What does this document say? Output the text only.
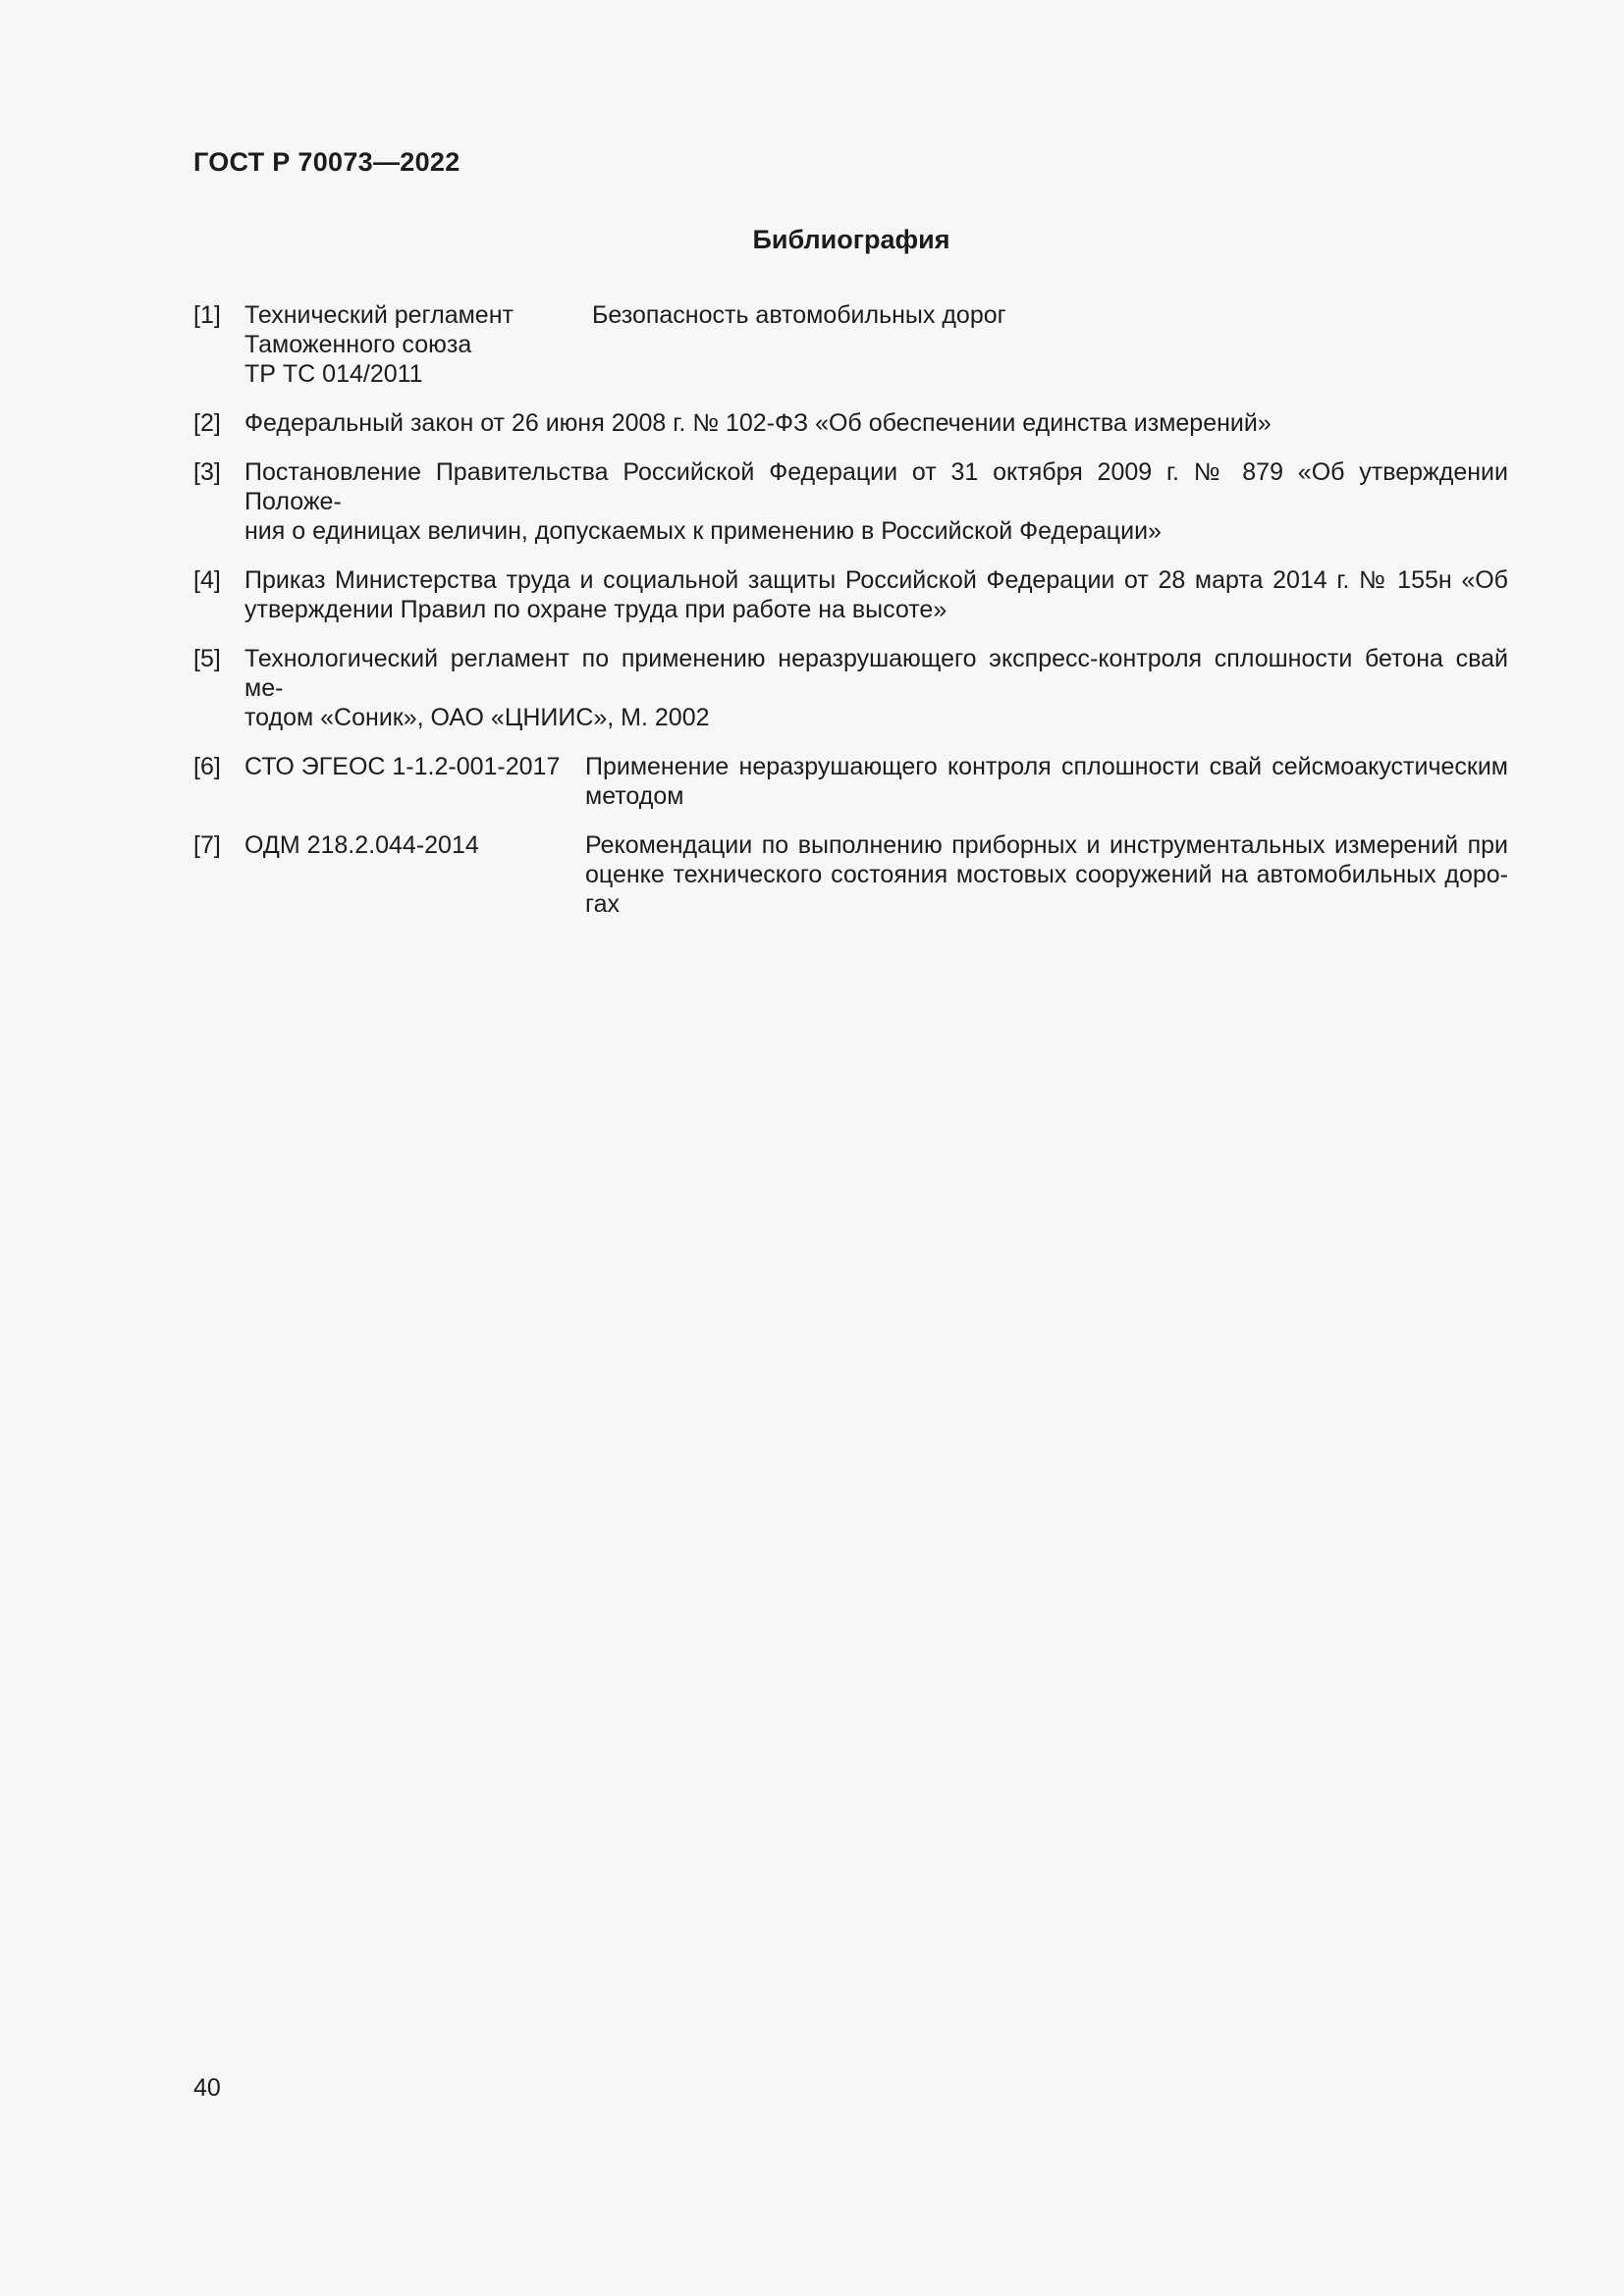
ГОСТ Р 70073—2022
Библиография
[1] Технический регламент
Таможенного союза
ТР ТС 014/2011
Безопасность автомобильных дорог
[2] Федеральный закон от 26 июня 2008 г. № 102-ФЗ «Об обеспечении единства измерений»
[3] Постановление Правительства Российской Федерации от 31 октября 2009 г. № 879 «Об утверждении Положе-
ния о единицах величин, допускаемых к применению в Российской Федерации»
[4] Приказ Министерства труда и социальной защиты Российской Федерации от 28 марта 2014 г. № 155н «Об
утверждении Правил по охране труда при работе на высоте»
[5] Технологический регламент по применению неразрушающего экспресс-контроля сплошности бетона свай ме-
тодом «Соник», ОАО «ЦНИИС», М. 2002
[6] СТО ЭГЕОС 1-1.2-001-2017	Применение неразрушающего контроля сплошности свай сейсмоакустическим
методом
[7] ОДМ 218.2.044-2014	Рекомендации по выполнению приборных и инструментальных измерений при
оценке технического состояния мостовых сооружений на автомобильных доро-
гах
40
